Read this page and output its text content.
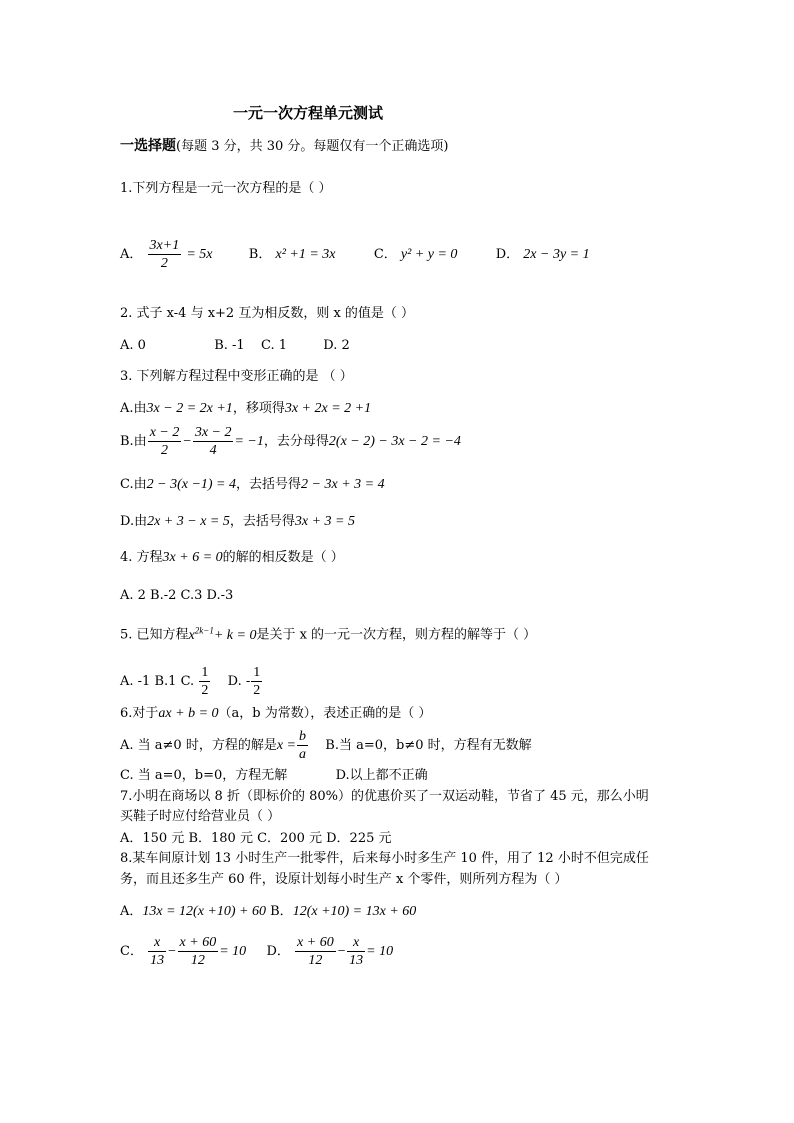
一元一次方程单元测试
一选择题(每题 3 分，共 30 分。每题仅有一个正确选项)
1.下列方程是一元一次方程的是（ ）
A． $\frac{3x+1}{2} = 5x$	B． x² +1 = 3x	C． y² + y = 0	D． 2x − 3y = 1
2. 式子 x-4 与 x+2 互为相反数，则 x 的值是（ ）
A. 0	B. -1 C. 1	D. 2
3. 下列解方程过程中变形正确的是 （ ）
A.由3x − 2 = 2x +1，移项得3x + 2x = 2 +1
B.由 $\frac{x - 2}{2} - \frac{3x - 2}{4} = -1$，去分母得2(x − 2) − 3x − 2 = −4
C.由2 − 3(x −1) = 4，去括号得2 − 3x + 3 = 4
D.由2x + 3 − x = 5，去括号得3x + 3 = 5
4. 方程3x + 6 = 0的解的相反数是（ ）
A. 2 B.-2 C.3 D.-3
5. 已知方程$x^{2k-1}+ k = 0$是关于 x 的一元一次方程，则方程的解等于（ ）
A. -1 B.1 C. $\frac{1}{2} D$. - $\frac{1}{2}$
6.对于ax + b = 0（a，b 为常数），表述正确的是（ ）
A. 当 a≠0 时，方程的解是$x = \frac{b}{a} B$.当 a=0，b≠0 时，方程有无数解
C. 当 a=0，b=0，方程无解	D.以上都不正确
7.小明在商场以 8 折（即标价的 80%）的优惠价买了一双运动鞋，节省了 45 元，那么小明
买鞋子时应付给营业员（ ）
A．150 元 B．180 元 C．200 元 D．225 元
8.某车间原计划 13 小时生产一批零件，后来每小时多生产 10 件，用了 12 小时不但完成任
务，而且还多生产 60 件，设原计划每小时生产 x 个零件，则所列方程为（ ）
A．13x = 12(x +10) + 60 B．12(x +10) = 13x + 60
C． $\frac{x}{13} - \frac{x + 60}{12} = 10$ D． $\frac{x + 60}{12} - \frac{x}{13} = 10$
